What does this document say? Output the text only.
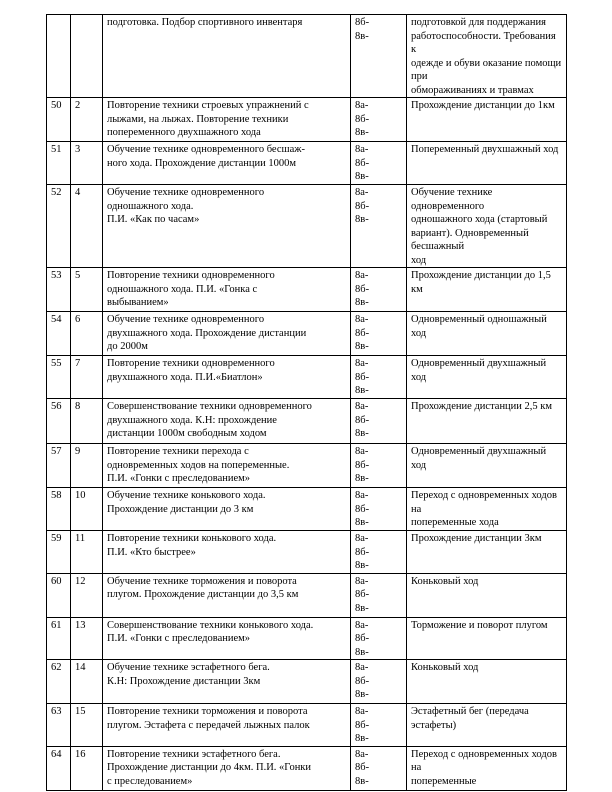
		подготовка. Подбор спортивного инвентаря	8б-
8в-	подготовкой для поддержания
работоспособности. Требования к
одежде и обуви оказание помощи при
обмораживаниях и травмах
50	2	Повторение техники строевых упражнений с
лыжами, на лыжах. Повторение техники
попеременного двухшажного хода	8а-
8б-
8в-	Прохождение дистанции до 1км
51	3	Обучение технике одновременного бесшаж-
ного хода. Прохождение дистанции 1000м	8а-
8б-
8в-	Попеременный двухшажный ход
52	4	Обучение технике одновременного
одношажного хода.
П.И. «Как по часам»	8а-
8б-
8в-	Обучение технике одновременного
одношажного хода (стартовый
вариант). Одновременный бесшажный
ход
53	5	Повторение техники одновременного
одношажного хода. П.И. «Гонка с
выбыванием»	8а-
8б-
8в-	Прохождение дистанции до 1,5 км
54	6	Обучение технике одновременного
двухшажного хода. Прохождение дистанции
до 2000м	8а-
8б-
8в-	Одновременный одношажный ход
55	7	Повторение техники одновременного
двухшажного хода. П.И.«Биатлон»	8а-
8б-
8в-	Одновременный двухшажный ход
56	8	Совершенствование техники одновременного
двухшажного хода. К.Н: прохождение
дистанции 1000м свободным ходом	8а-
8б-
8в-	Прохождение дистанции 2,5 км
57	9	Повторение техники перехода с
одновременных ходов на попеременные.
П.И. «Гонки с преследованием»	8а-
8б-
8в-	Одновременный двухшажный ход
58	10	Обучение технике конькового хода.
Прохождение дистанции до 3 км	8а-
8б-
8в-	Переход с одновременных ходов на
попеременные хода
59	11	Повторение техники конькового хода.
П.И. «Кто быстрее»	8а-
8б-
8в-	Прохождение дистанции 3км
60	12	Обучение технике торможения и поворота
плугом. Прохождение дистанции до 3,5 км	8а-
8б-
8в-	Коньковый ход
61	13	Совершенствование техники конькового хода.
П.И. «Гонки с преследованием»	8а-
8б-
8в-	Торможение и поворот плугом
62	14	Обучение технике эстафетного бега.
К.Н: Прохождение дистанции 3км	8а-
8б-
8в-	Коньковый ход
63	15	Повторение техники торможения и поворота
плугом. Эстафета с передачей лыжных палок	8а-
8б-
8в-	Эстафетный бег (передача эстафеты)
64	16	Повторение техники эстафетного бега.
Прохождение дистанции до 4км. П.И. «Гонки
с преследованием»	8а-
8б-
8в-	Переход с одновременных ходов на
попеременные
